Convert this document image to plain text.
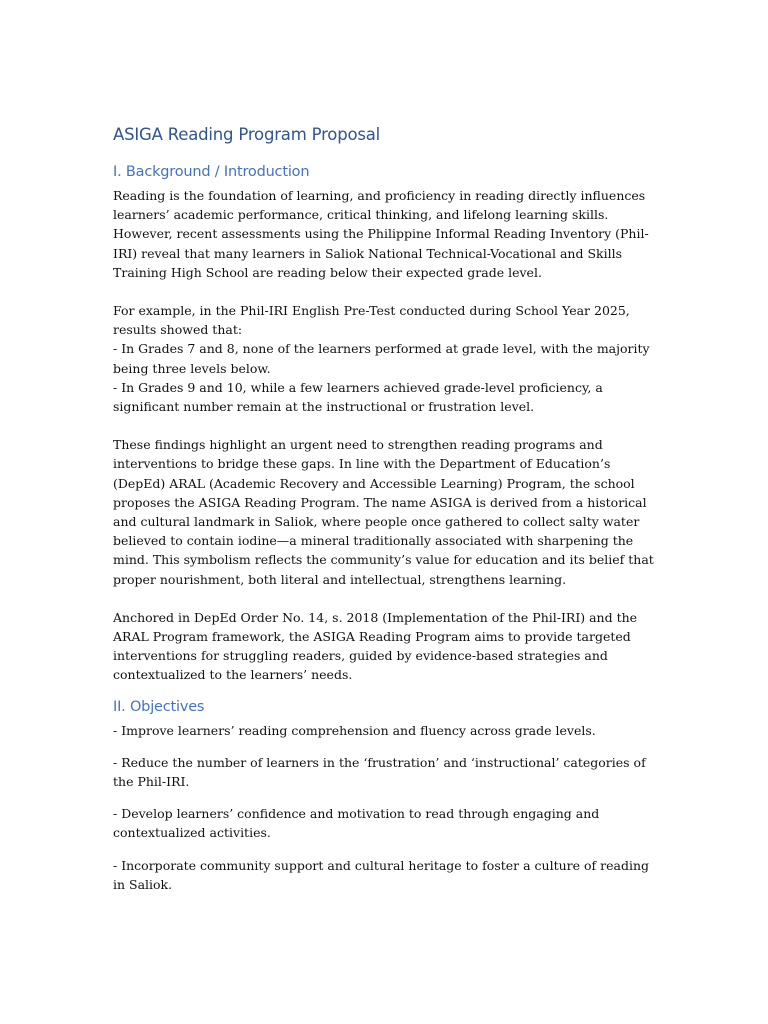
ASIGA Reading Program Proposal
I. Background / Introduction

Reading is the foundation of learning, and proficiency in reading directly influences learners’ academic performance, critical thinking, and lifelong learning skills. However, recent assessments using the Philippine Informal Reading Inventory (Phil-IRI) reveal that many learners in Saliok National Technical-Vocational and Skills Training High School are reading below their expected grade level.

For example, in the Phil-IRI English Pre-Test conducted during School Year 2025, results showed that:
- In Grades 7 and 8, none of the learners performed at grade level, with the majority being three levels below.
- In Grades 9 and 10, while a few learners achieved grade-level proficiency, a significant number remain at the instructional or frustration level.

These findings highlight an urgent need to strengthen reading programs and interventions to bridge these gaps. In line with the Department of Education’s (DepEd) ARAL (Academic Recovery and Accessible Learning) Program, the school proposes the ASIGA Reading Program. The name ASIGA is derived from a historical and cultural landmark in Saliok, where people once gathered to collect salty water believed to contain iodine—a mineral traditionally associated with sharpening the mind. This symbolism reflects the community’s value for education and its belief that proper nourishment, both literal and intellectual, strengthens learning.

Anchored in DepEd Order No. 14, s. 2018 (Implementation of the Phil-IRI) and the ARAL Program framework, the ASIGA Reading Program aims to provide targeted interventions for struggling readers, guided by evidence-based strategies and contextualized to the learners’ needs.

II. Objectives

- Improve learners’ reading comprehension and fluency across grade levels.

- Reduce the number of learners in the ‘frustration’ and ‘instructional’ categories of the Phil-IRI.

- Develop learners’ confidence and motivation to read through engaging and contextualized activities.

- Incorporate community support and cultural heritage to foster a culture of reading in Saliok.
